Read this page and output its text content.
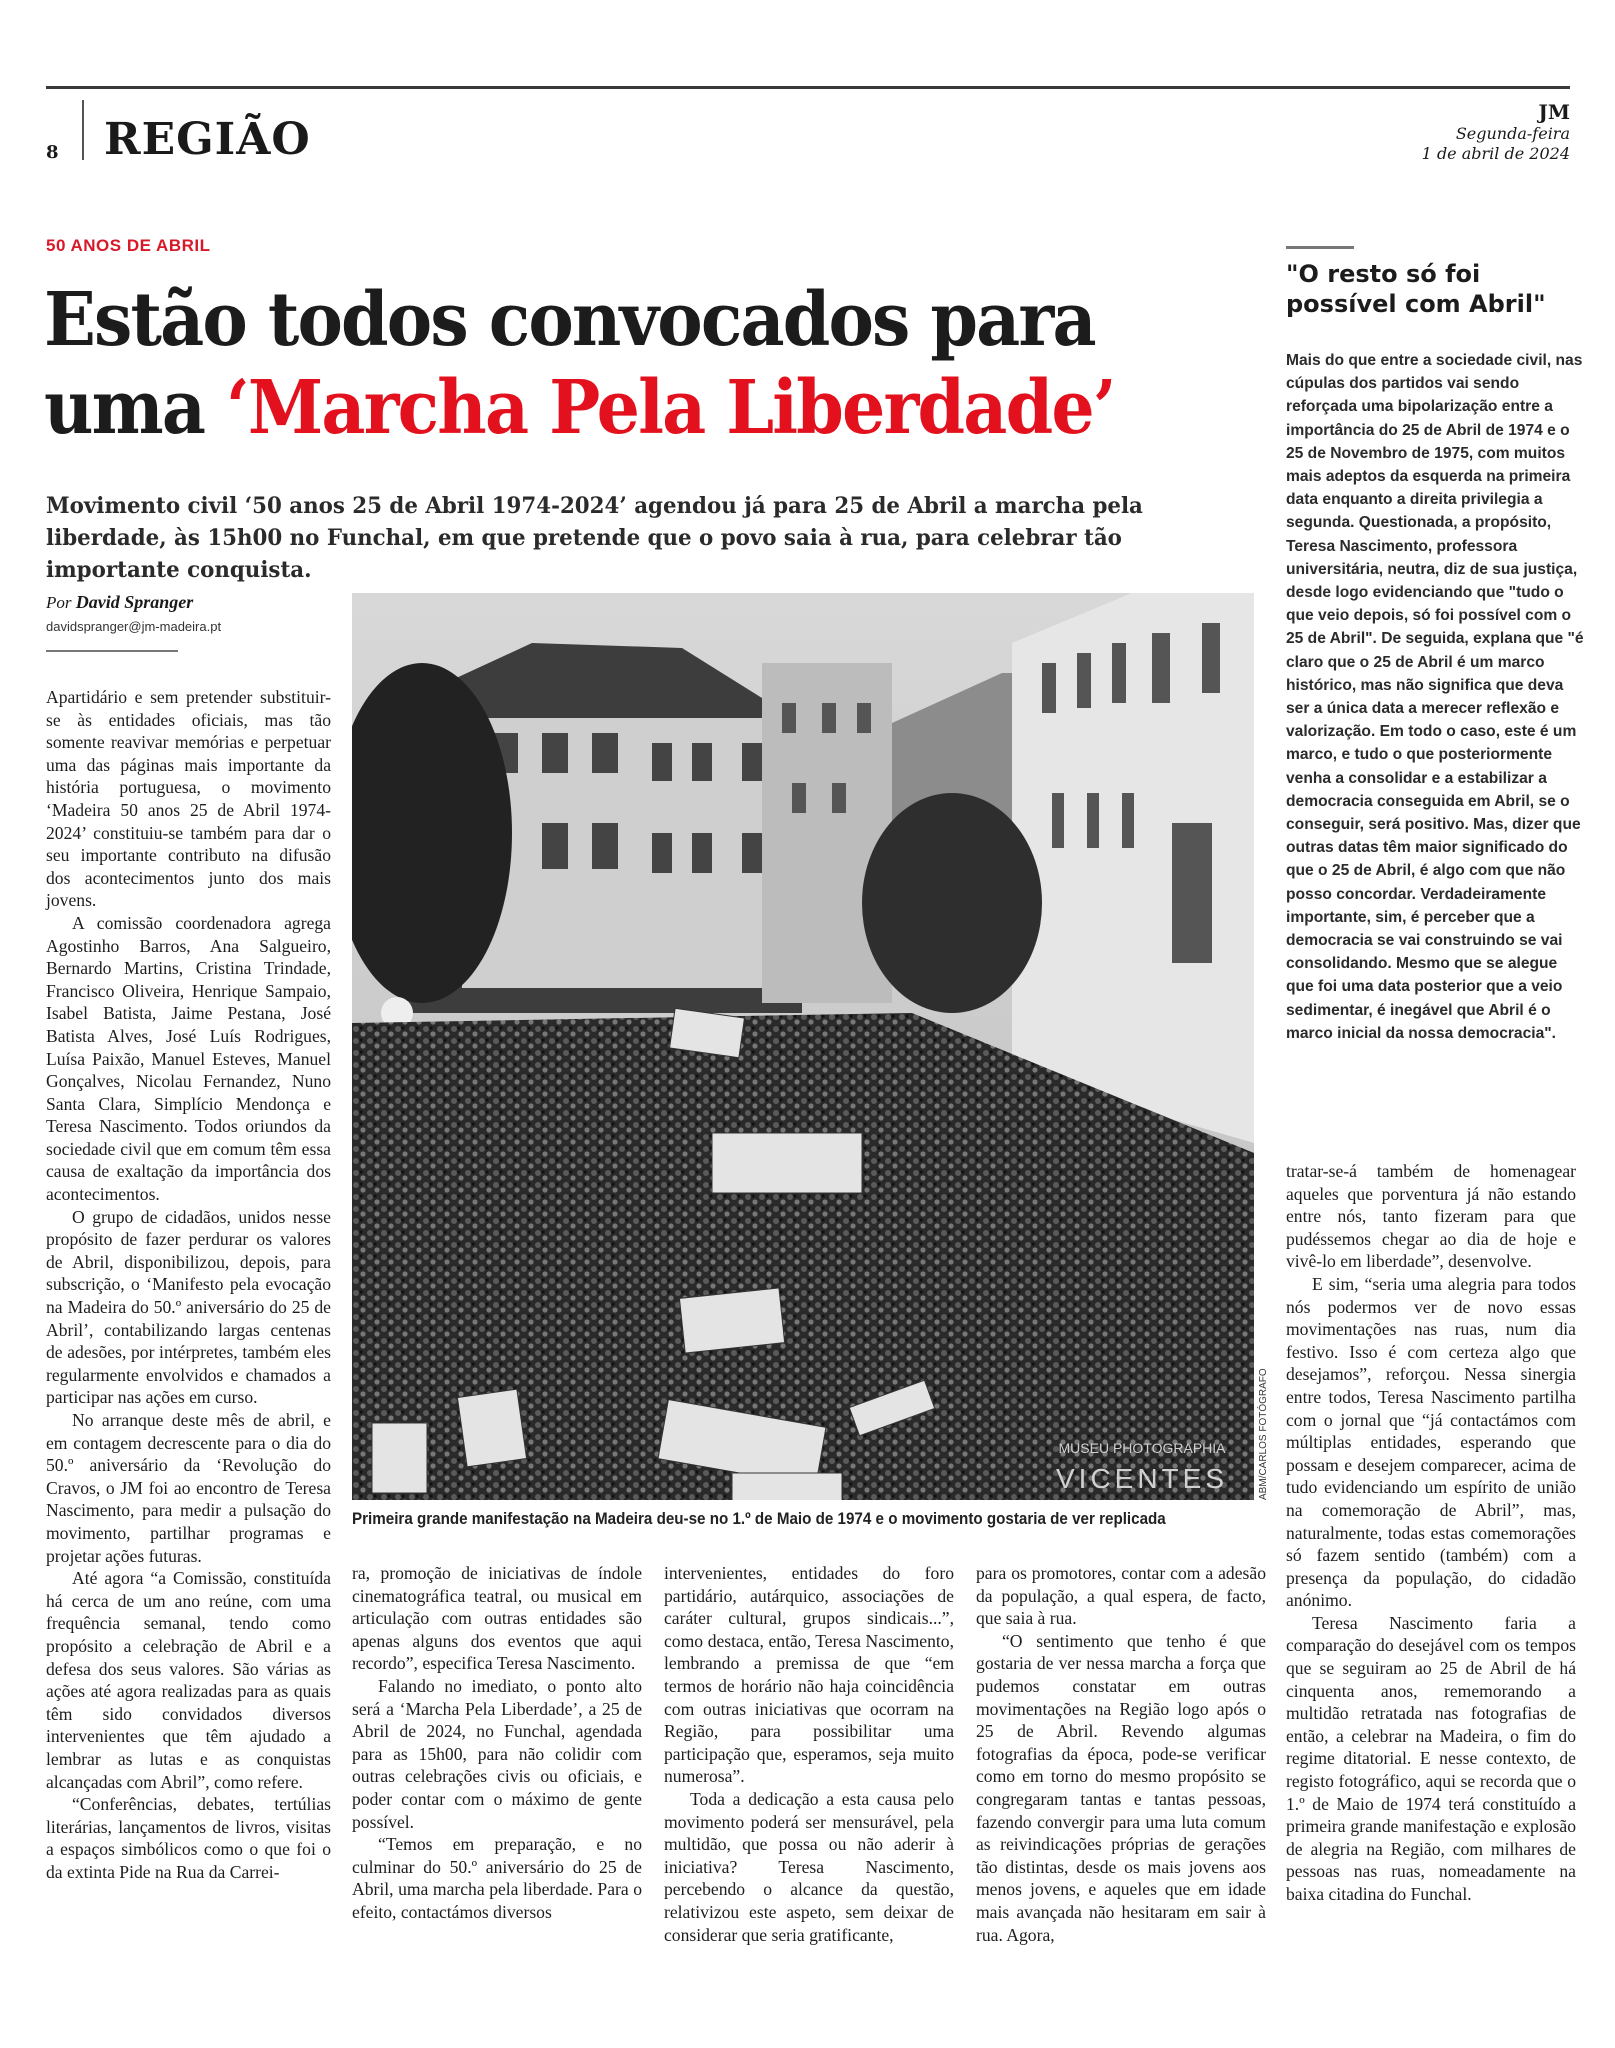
8 REGIÃO
JM
Segunda-feira
1 de abril de 2024
50 ANOS DE ABRIL
Estão todos convocados para
uma ‘Marcha Pela Liberdade’

Movimento civil ‘50 anos 25 de Abril 1974-2024’ agendou já para 25 de Abril a marcha pela liberdade, às 15h00 no Funchal, em que pretende que o povo saia à rua, para celebrar tão importante conquista.

Por David Spranger
davidspranger@jm-madeira.pt

Apartidário e sem pretender substituir-se às entidades oficiais, mas tão somente reavivar memórias e perpetuar uma das páginas mais importante da história portuguesa, o movimento ‘Madeira 50 anos 25 de Abril 1974-2024’ constituiu-se também para dar o seu importante contributo na difusão dos acontecimentos junto dos mais jovens.

A comissão coordenadora agrega Agostinho Barros, Ana Salgueiro, Bernardo Martins, Cristina Trindade, Francisco Oliveira, Henrique Sampaio, Isabel Batista, Jaime Pestana, José Batista Alves, José Luís Rodrigues, Luísa Paixão, Manuel Esteves, Manuel Gonçalves, Nicolau Fernandez, Nuno Santa Clara, Simplício Mendonça e Teresa Nascimento. Todos oriundos da sociedade civil que em comum têm essa causa de exaltação da importância dos acontecimentos.

O grupo de cidadãos, unidos nesse propósito de fazer perdurar os valores de Abril, disponibilizou, depois, para subscrição, o ‘Manifesto pela evocação na Madeira do 50.º aniversário do 25 de Abril’, contabilizando largas centenas de adesões, por intérpretes, também eles regularmente envolvidos e chamados a participar nas ações em curso.

No arranque deste mês de abril, e em contagem decrescente para o dia do 50.º aniversário da ‘Revolução do Cravos, o JM foi ao encontro de Teresa Nascimento, para medir a pulsação do movimento, partilhar programas e projetar ações futuras.

Até agora “a Comissão, constituída há cerca de um ano reúne, com uma frequência semanal, tendo como propósito a celebração de Abril e a defesa dos seus valores. São várias as ações até agora realizadas para as quais têm sido convidados diversos intervenientes que têm ajudado a lembrar as lutas e as conquistas alcançadas com Abril”, como refere.

“Conferências, debates, tertúlias literárias, lançamentos de livros, visitas a espaços simbólicos como o que foi o da extinta Pide na Rua da Carrei-

MUSEU PHOTOGRAPHIA
VICENTES	ABM/CARLOS FOTÓGRAFO
Primeira grande manifestação na Madeira deu-se no 1.º de Maio de 1974 e o movimento gostaria de ver replicada

ra, promoção de iniciativas de índole cinematográfica teatral, ou musical em articulação com outras entidades são apenas alguns dos eventos que aqui recordo”, especifica Teresa Nascimento.

Falando no imediato, o ponto alto será a ‘Marcha Pela Liberdade’, a 25 de Abril de 2024, no Funchal, agendada para as 15h00, para não colidir com outras celebrações civis ou oficiais, e poder contar com o máximo de gente possível.

“Temos em preparação, e no culminar do 50.º aniversário do 25 de Abril, uma marcha pela liberdade. Para o efeito, contactámos diversos

intervenientes, entidades do foro partidário, autárquico, associações de caráter cultural, grupos sindicais...”, como destaca, então, Teresa Nascimento, lembrando a premissa de que “em termos de horário não haja coincidência com outras iniciativas que ocorram na Região, para possibilitar uma participação que, esperamos, seja muito numerosa”.

Toda a dedicação a esta causa pelo movimento poderá ser mensurável, pela multidão, que possa ou não aderir à iniciativa? Teresa Nascimento, percebendo o alcance da questão, relativizou este aspeto, sem deixar de considerar que seria gratificante,

para os promotores, contar com a adesão da população, a qual espera, de facto, que saia à rua.

“O sentimento que tenho é que gostaria de ver nessa marcha a força que pudemos constatar em outras movimentações na Região logo após o 25 de Abril. Revendo algumas fotografias da época, pode-se verificar como em torno do mesmo propósito se congregaram tantas e tantas pessoas, fazendo convergir para uma luta comum as reivindicações próprias de gerações tão distintas, desde os mais jovens aos menos jovens, e aqueles que em idade mais avançada não hesitaram em sair à rua. Agora,

"O resto só foi possível com Abril"

Mais do que entre a sociedade civil, nas cúpulas dos partidos vai sendo reforçada uma bipolarização entre a importância do 25 de Abril de 1974 e o 25 de Novembro de 1975, com muitos mais adeptos da esquerda na primeira data enquanto a direita privilegia a segunda. Questionada, a propósito, Teresa Nascimento, professora universitária, neutra, diz de sua justiça, desde logo evidenciando que "tudo o que veio depois, só foi possível com o 25 de Abril". De seguida, explana que "é claro que o 25 de Abril é um marco histórico, mas não significa que deva ser a única data a merecer reflexão e valorização. Em todo o caso, este é um marco, e tudo o que posteriormente venha a consolidar e a estabilizar a democracia conseguida em Abril, se o conseguir, será positivo. Mas, dizer que outras datas têm maior significado do que o 25 de Abril, é algo com que não posso concordar. Verdadeiramente importante, sim, é perceber que a democracia se vai construindo se vai consolidando. Mesmo que se alegue que foi uma data posterior que a veio sedimentar, é inegável que Abril é o marco inicial da nossa democracia".

tratar-se-á também de homenagear aqueles que porventura já não estando entre nós, tanto fizeram para que pudéssemos chegar ao dia de hoje e vivê-lo em liberdade”, desenvolve.

E sim, “seria uma alegria para todos nós podermos ver de novo essas movimentações nas ruas, num dia festivo. Isso é com certeza algo que desejamos”, reforçou. Nessa sinergia entre todos, Teresa Nascimento partilha com o jornal que “já contactámos com múltiplas entidades, esperando que possam e desejem comparecer, acima de tudo evidenciando um espírito de união na comemoração de Abril”, mas, naturalmente, todas estas comemorações só fazem sentido (também) com a presença da população, do cidadão anónimo.

Teresa Nascimento faria a comparação do desejável com os tempos que se seguiram ao 25 de Abril de há cinquenta anos, rememorando a multidão retratada nas fotografias de então, a celebrar na Madeira, o fim do regime ditatorial. E nesse contexto, de registo fotográfico, aqui se recorda que o 1.º de Maio de 1974 terá constituído a primeira grande manifestação e explosão de alegria na Região, com milhares de pessoas nas ruas, nomeadamente na baixa citadina do Funchal.
